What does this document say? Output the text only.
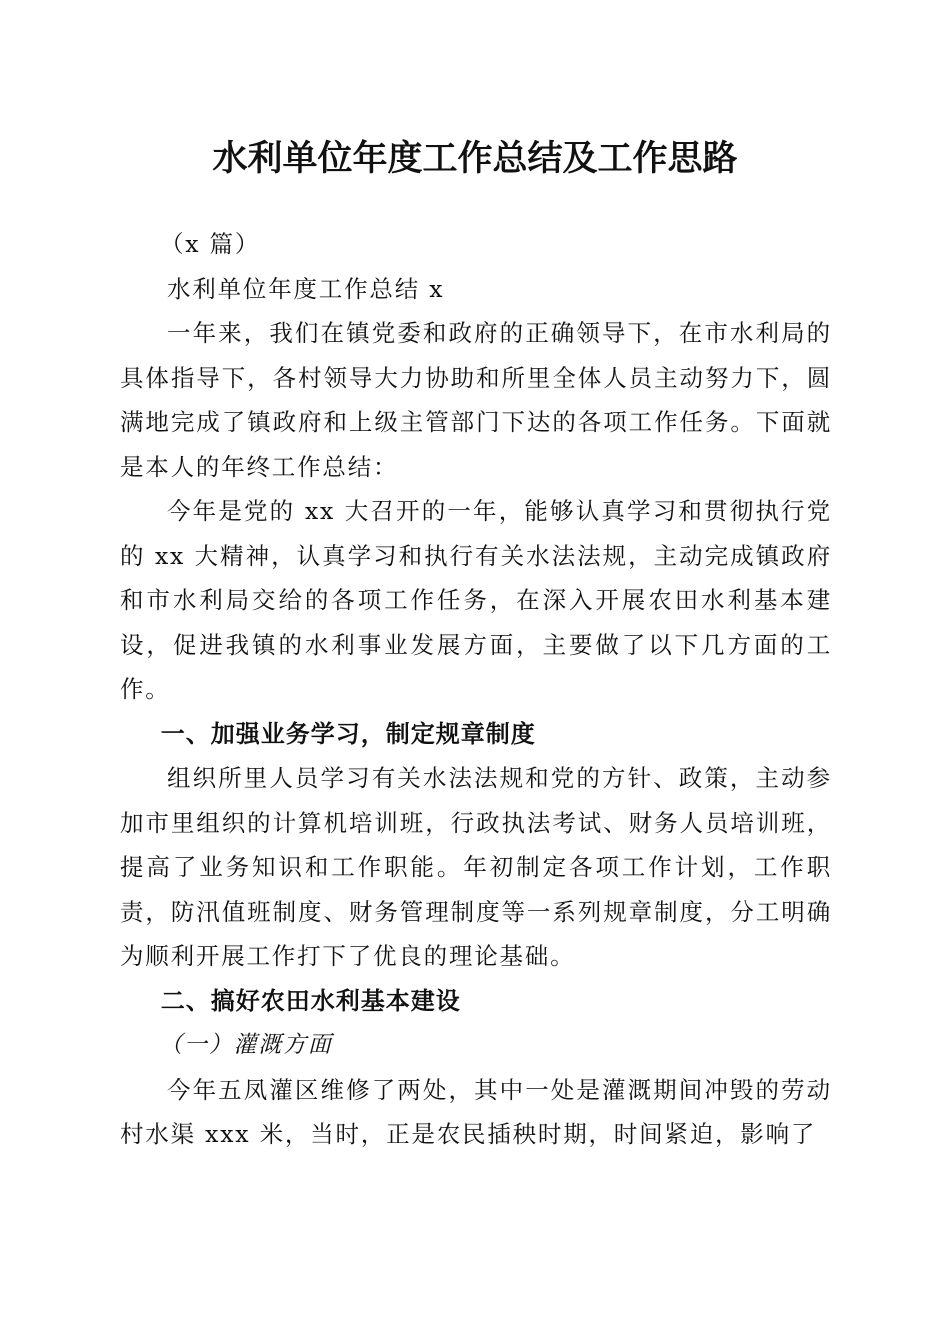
水利单位年度工作总结及工作思路

（x 篇）

水利单位年度工作总结 x

一年来，我们在镇党委和政府的正确领导下，在市水利局的具体指导下，各村领导大力协助和所里全体人员主动努力下，圆满地完成了镇政府和上级主管部门下达的各项工作任务。下面就是本人的年终工作总结：

今年是党的 xx 大召开的一年，能够认真学习和贯彻执行党的 xx 大精神，认真学习和执行有关水法法规，主动完成镇政府和市水利局交给的各项工作任务，在深入开展农田水利基本建设，促进我镇的水利事业发展方面，主要做了以下几方面的工作。

一、加强业务学习，制定规章制度

组织所里人员学习有关水法法规和党的方针、政策，主动参加市里组织的计算机培训班，行政执法考试、财务人员培训班，提高了业务知识和工作职能。年初制定各项工作计划，工作职责，防汛值班制度、财务管理制度等一系列规章制度，分工明确为顺利开展工作打下了优良的理论基础。

二、搞好农田水利基本建设

（一）灌溉方面

今年五凤灌区维修了两处，其中一处是灌溉期间冲毁的劳动村水渠 xxx 米，当时，正是农民插秧时期，时间紧迫，影响了
